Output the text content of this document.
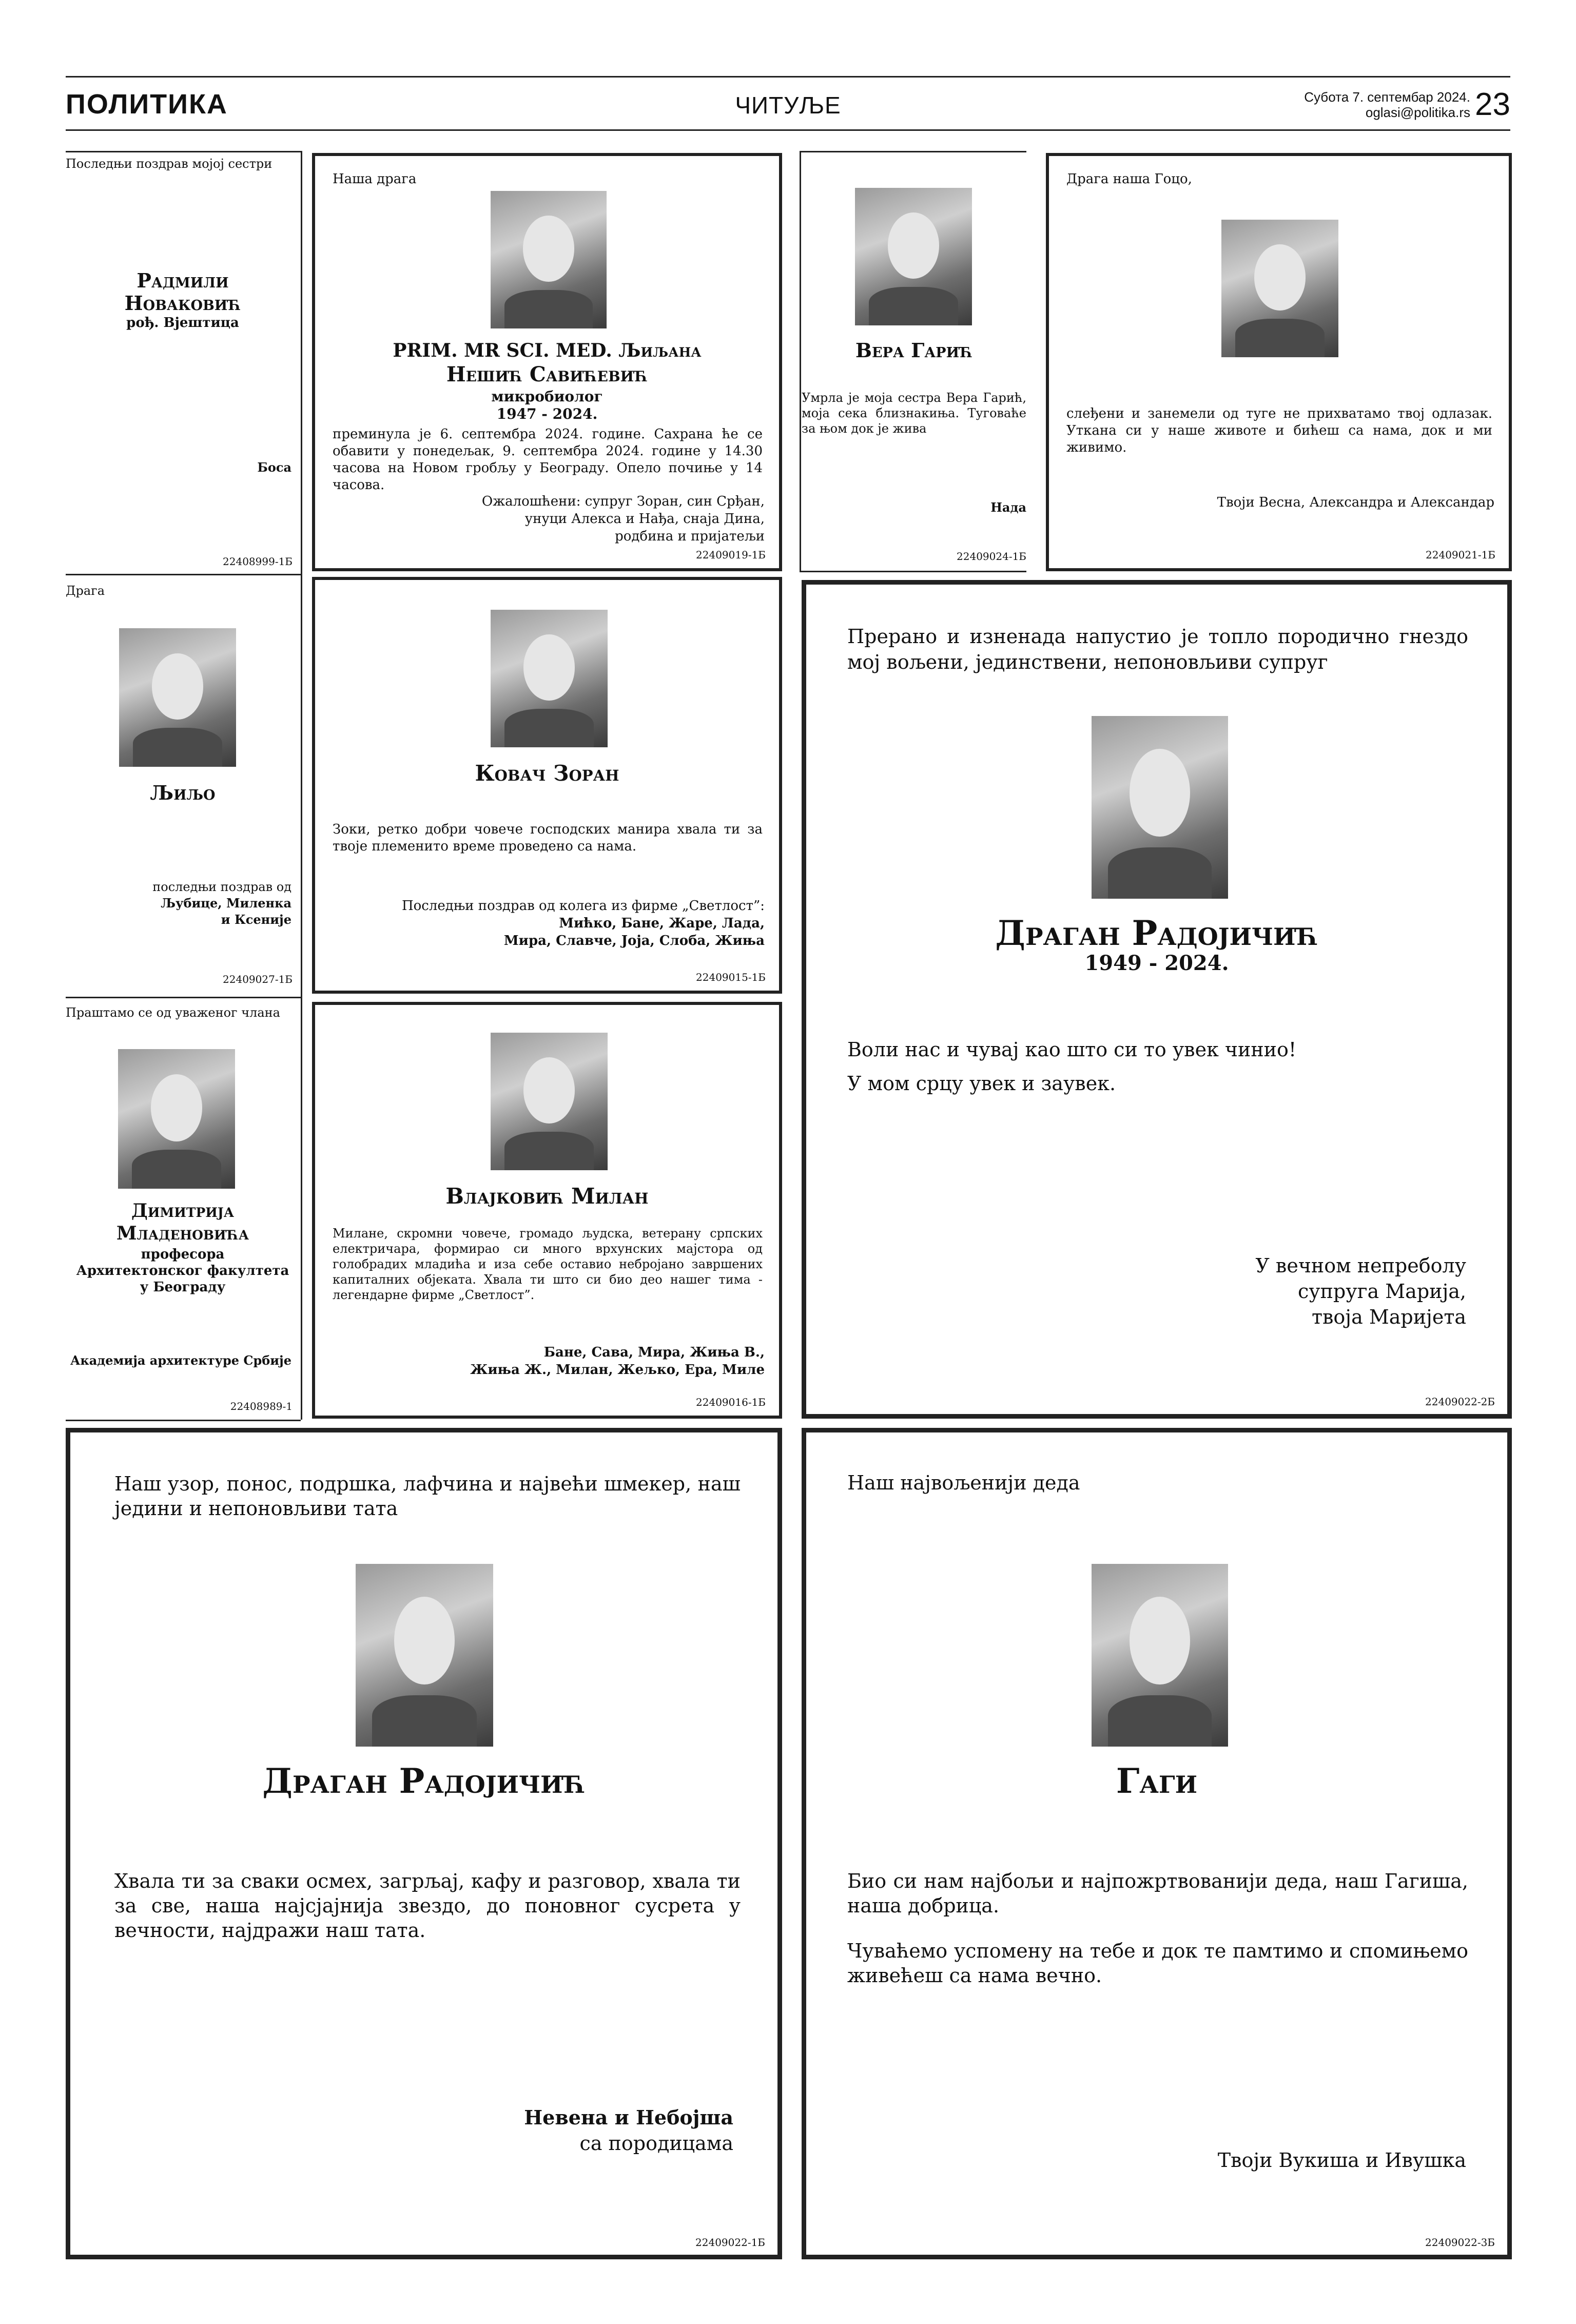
ПОЛИТИКА	ЧИТУЉЕ	Субота 7. септембар 2024.
oglasi@politika.rs 23
Последњи поздрав мојој сестри
Радмили
Новаковић
рођ. Вјештица
Боса
22408999-1Б
Драга
Љиљо
последњи поздрав од
Љубице, Миленка
и Ксеније
22409027-1Б
Праштамо се од уваженог члана
Димитрија
Младеновића
професора
Архитектонског факултета
у Београду
Академија архитектуре Србије
22408989-1
Наша драга
PRIM. MR SCI. MED. Љиљана
Нешић Савићевић
микробиолог
1947 - 2024.
преминула је 6. септембра 2024. године. Сахрана ће се обавити у понедељак, 9. септембра 2024. године у 14.30 часова на Новом гробљу у Београду. Опело почиње у 14 часова.
Ожалошћени: супруг Зоран, син Срђан,
унуци Алекса и Нађа, снаја Дина,
родбина и пријатељи
22409019-1Б
Ковач Зоран
Зоки, ретко добри човече господских манира хвала ти за твоје племенито време проведено са нама.
Последњи поздрав од колега из фирме „Светлост”:
Мићко, Бане, Жаре, Лада,
Мира, Славче, Јоја, Слоба, Жиња
22409015-1Б
Влајковић Милан
Милане, скромни човече, громадо људска, ветерану српских електричара, формирао си много врхунских мајстора од голобрадих младића и иза себе оставио небројано завршених капиталних објеката. Хвала ти што си био део нашег тима - легендарне фирме „Светлост”.
Бане, Сава, Мира, Жиња В.,
Жиња Ж., Милан, Жељко, Ера, Миле
22409016-1Б
Вера Гарић
Умрла је моја сестра Вера Гарић, моја сека близнакиња. Туговаће за њом док је жива
Нада
22409024-1Б
Драга наша Гоцо,
слеђени и занемели од туге не прихватамо твој одлазак. Уткана си у наше животе и бићеш са нама, док и ми живимо.
Твоји Весна, Александра и Александар
22409021-1Б
Прерано и изненада напустио је топло породично гнездо мој вољени, јединствени, непоновљиви супруг
Драган Радојичић
1949 - 2024.
Воли нас и чувај као што си то увек чинио!
У мом срцу увек и заувек.
У вечном непреболу
супруга Марија,
твоја Маријета
22409022-2Б
Наш узор, понос, подршка, лафчина и највећи шмекер, наш једини и непоновљиви тата
Драган Радојичић
Хвала ти за сваки осмех, загрљај, кафу и разговор, хвала ти за све, наша најсјајнија звездо, до поновног сусрета у вечности, најдражи наш тата.
Невена и Небојша
са породицама
22409022-1Б
Наш највољенији деда
Гаги
Био си нам најбољи и најпожртвованији деда, наш Гагиша, наша добрица.
Чуваћемо успомену на тебе и док те памтимо и спомињемо живећеш са нама вечно.
Твоји Вукиша и Ивушка
22409022-3Б
